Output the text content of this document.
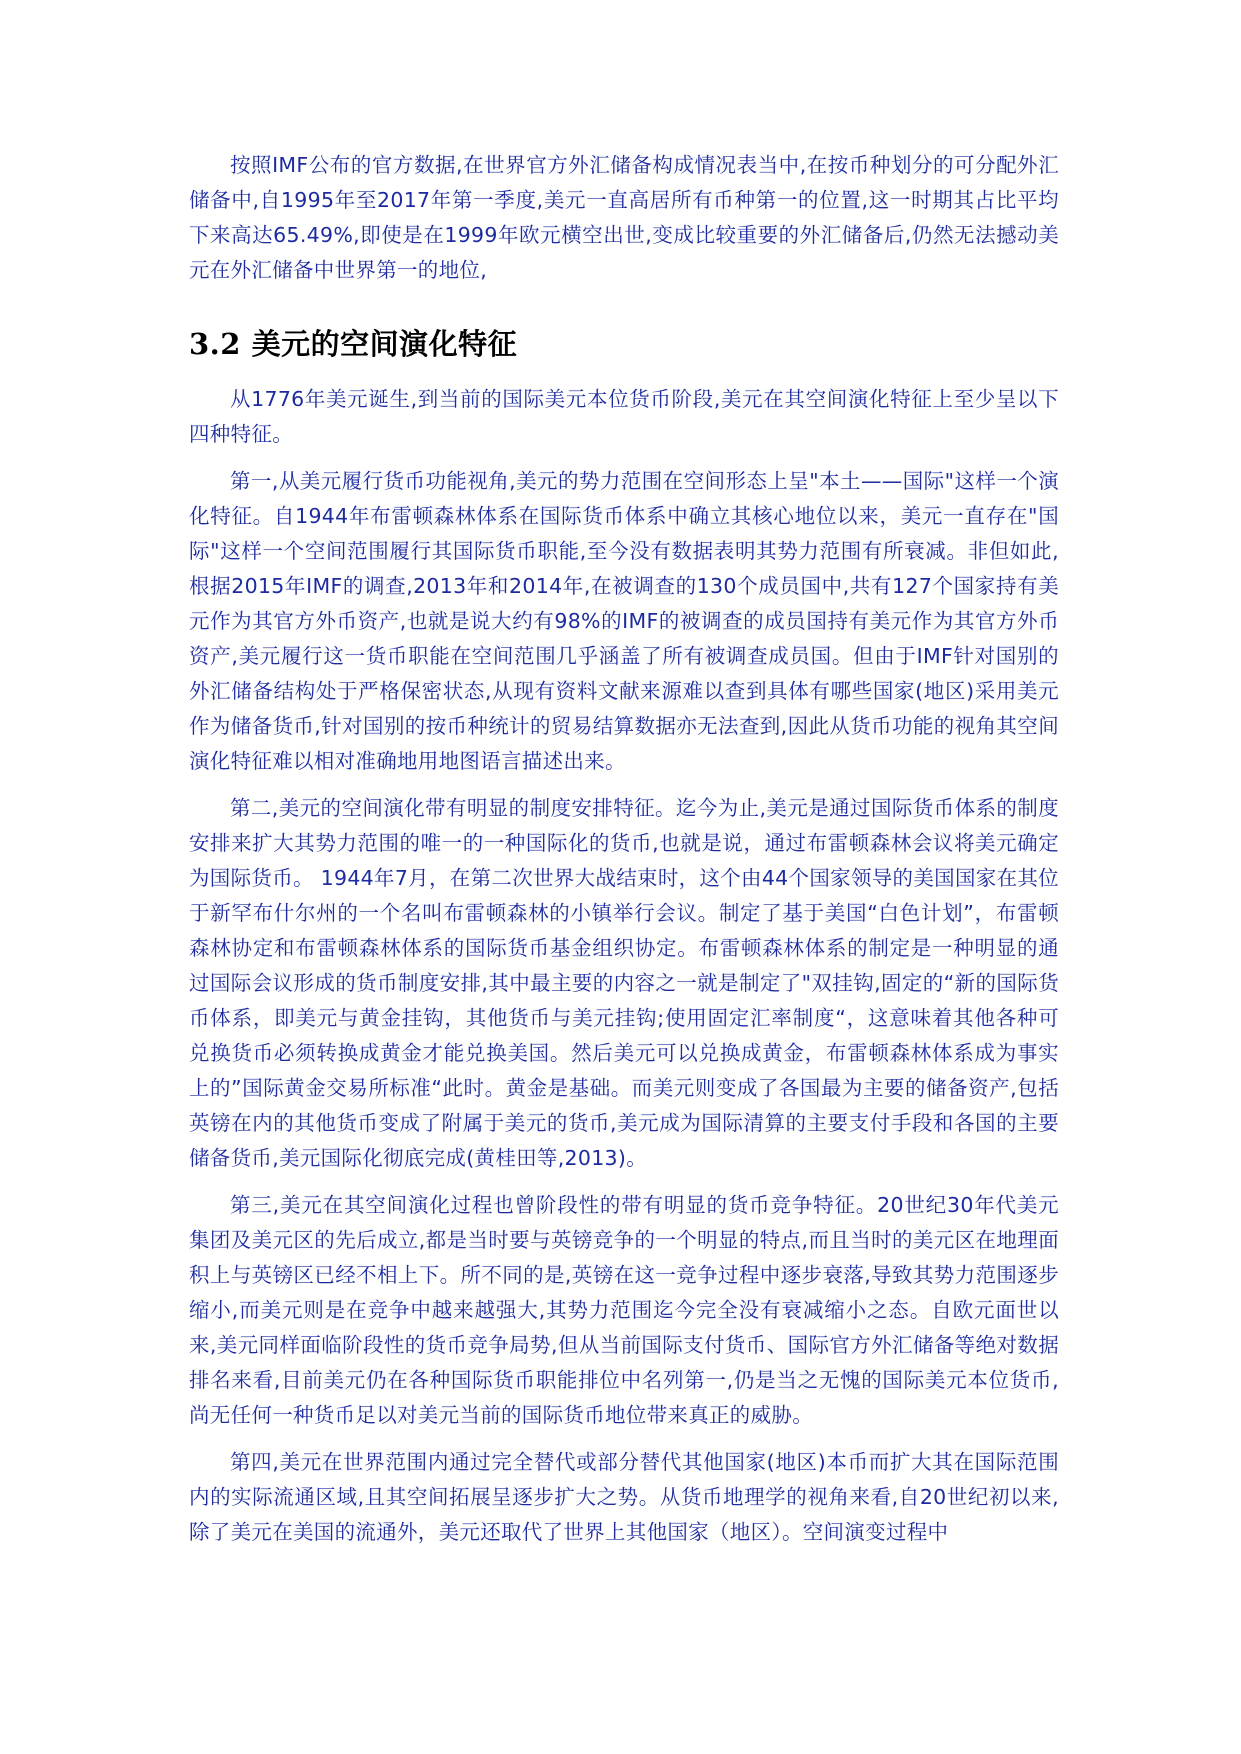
按照IMF公布的官方数据,在世界官方外汇储备构成情况表当中,在按币种划分的可分配外汇储备中,自1995年至2017年第一季度,美元一直高居所有币种第一的位置,这一时期其占比平均下来高达65.49%,即使是在1999年欧元横空出世,变成比较重要的外汇储备后,仍然无法撼动美元在外汇储备中世界第一的地位,

3.2 美元的空间演化特征

从1776年美元诞生,到当前的国际美元本位货币阶段,美元在其空间演化特征上至少呈以下四种特征。

第一,从美元履行货币功能视角,美元的势力范围在空间形态上呈"本土——国际"这样一个演化特征。自1944年布雷顿森林体系在国际货币体系中确立其核心地位以来，美元一直存在"国际"这样一个空间范围履行其国际货币职能,至今没有数据表明其势力范围有所衰减。非但如此,根据2015年IMF的调查,2013年和2014年,在被调查的130个成员国中,共有127个国家持有美元作为其官方外币资产,也就是说大约有98%的IMF的被调查的成员国持有美元作为其官方外币资产,美元履行这一货币职能在空间范围几乎涵盖了所有被调查成员国。但由于IMF针对国别的外汇储备结构处于严格保密状态,从现有资料文献来源难以查到具体有哪些国家(地区)采用美元作为储备货币,针对国别的按币种统计的贸易结算数据亦无法查到,因此从货币功能的视角其空间演化特征难以相对准确地用地图语言描述出来。

第二,美元的空间演化带有明显的制度安排特征。迄今为止,美元是通过国际货币体系的制度安排来扩大其势力范围的唯一的一种国际化的货币,也就是说，通过布雷顿森林会议将美元确定为国际货币。 1944年7月，在第二次世界大战结束时，这个由44个国家领导的美国国家在其位于新罕布什尔州的一个名叫布雷顿森林的小镇举行会议。制定了基于美国“白色计划”，布雷顿森林协定和布雷顿森林体系的国际货币基金组织协定。布雷顿森林体系的制定是一种明显的通过国际会议形成的货币制度安排,其中最主要的内容之一就是制定了"双挂钩,固定的“新的国际货币体系，即美元与黄金挂钩，其他货币与美元挂钩;使用固定汇率制度“，这意味着其他各种可兑换货币必须转换成黄金才能兑换美国。然后美元可以兑换成黄金，布雷顿森林体系成为事实上的”国际黄金交易所标准“此时。黄金是基础。而美元则变成了各国最为主要的储备资产,包括英镑在内的其他货币变成了附属于美元的货币,美元成为国际清算的主要支付手段和各国的主要储备货币,美元国际化彻底完成(黄桂田等,2013)。

第三,美元在其空间演化过程也曾阶段性的带有明显的货币竞争特征。20世纪30年代美元集团及美元区的先后成立,都是当时要与英镑竞争的一个明显的特点,而且当时的美元区在地理面积上与英镑区已经不相上下。所不同的是,英镑在这一竞争过程中逐步衰落,导致其势力范围逐步缩小,而美元则是在竞争中越来越强大,其势力范围迄今完全没有衰减缩小之态。自欧元面世以来,美元同样面临阶段性的货币竞争局势,但从当前国际支付货币、国际官方外汇储备等绝对数据排名来看,目前美元仍在各种国际货币职能排位中名列第一,仍是当之无愧的国际美元本位货币,尚无任何一种货币足以对美元当前的国际货币地位带来真正的威胁。

第四,美元在世界范围内通过完全替代或部分替代其他国家(地区)本币而扩大其在国际范围内的实际流通区域,且其空间拓展呈逐步扩大之势。从货币地理学的视角来看,自20世纪初以来,除了美元在美国的流通外，美元还取代了世界上其他国家（地区）。空间演变过程中
